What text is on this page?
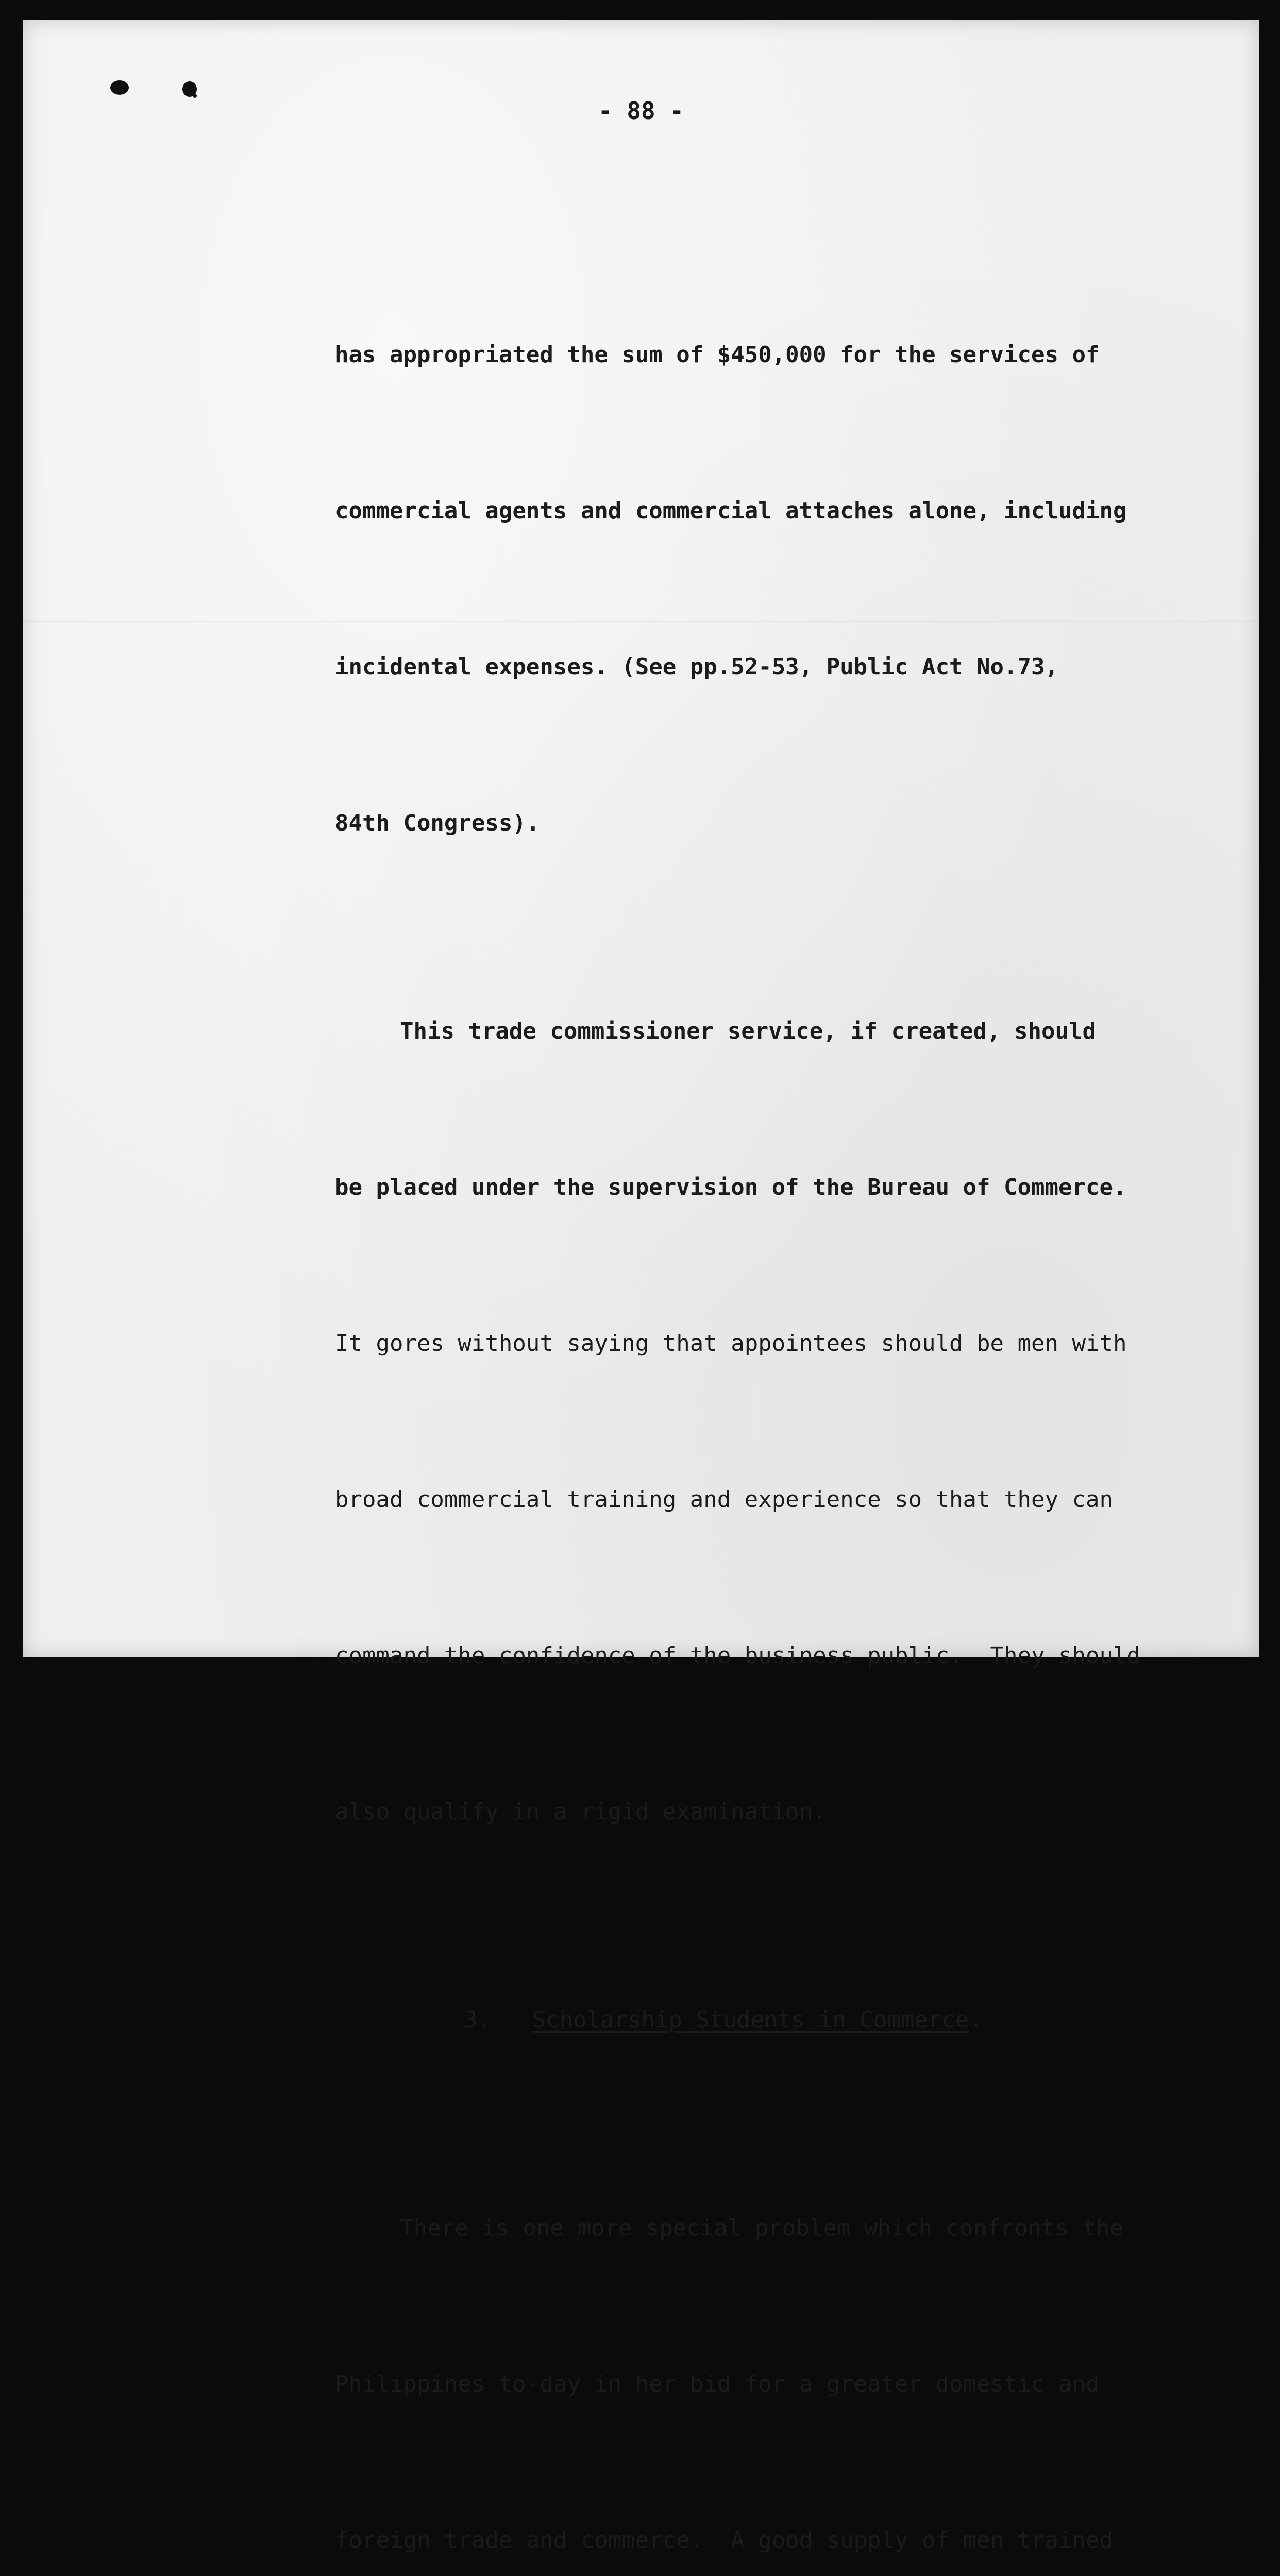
- 88 -

has appropriated the sum of $450,000 for the services of

commercial agents and commercial attaches alone, including

incidental expenses. (See pp.52-53, Public Act No.73,

84th Congress).

This trade commissioner service, if created, should

be placed under the supervision of the Bureau of Commerce.

It gores without saying that appointees should be men with

broad commercial training and experience so that they can

command the confidence of the business public.  They should

also qualify in a rigid examination.

3. Scholarship Students in Commerce.

There is one more special problem which confronts the

Philippines to-day in her bid for a greater domestic and

foreign trade and commerce.  A good supply of men trained
